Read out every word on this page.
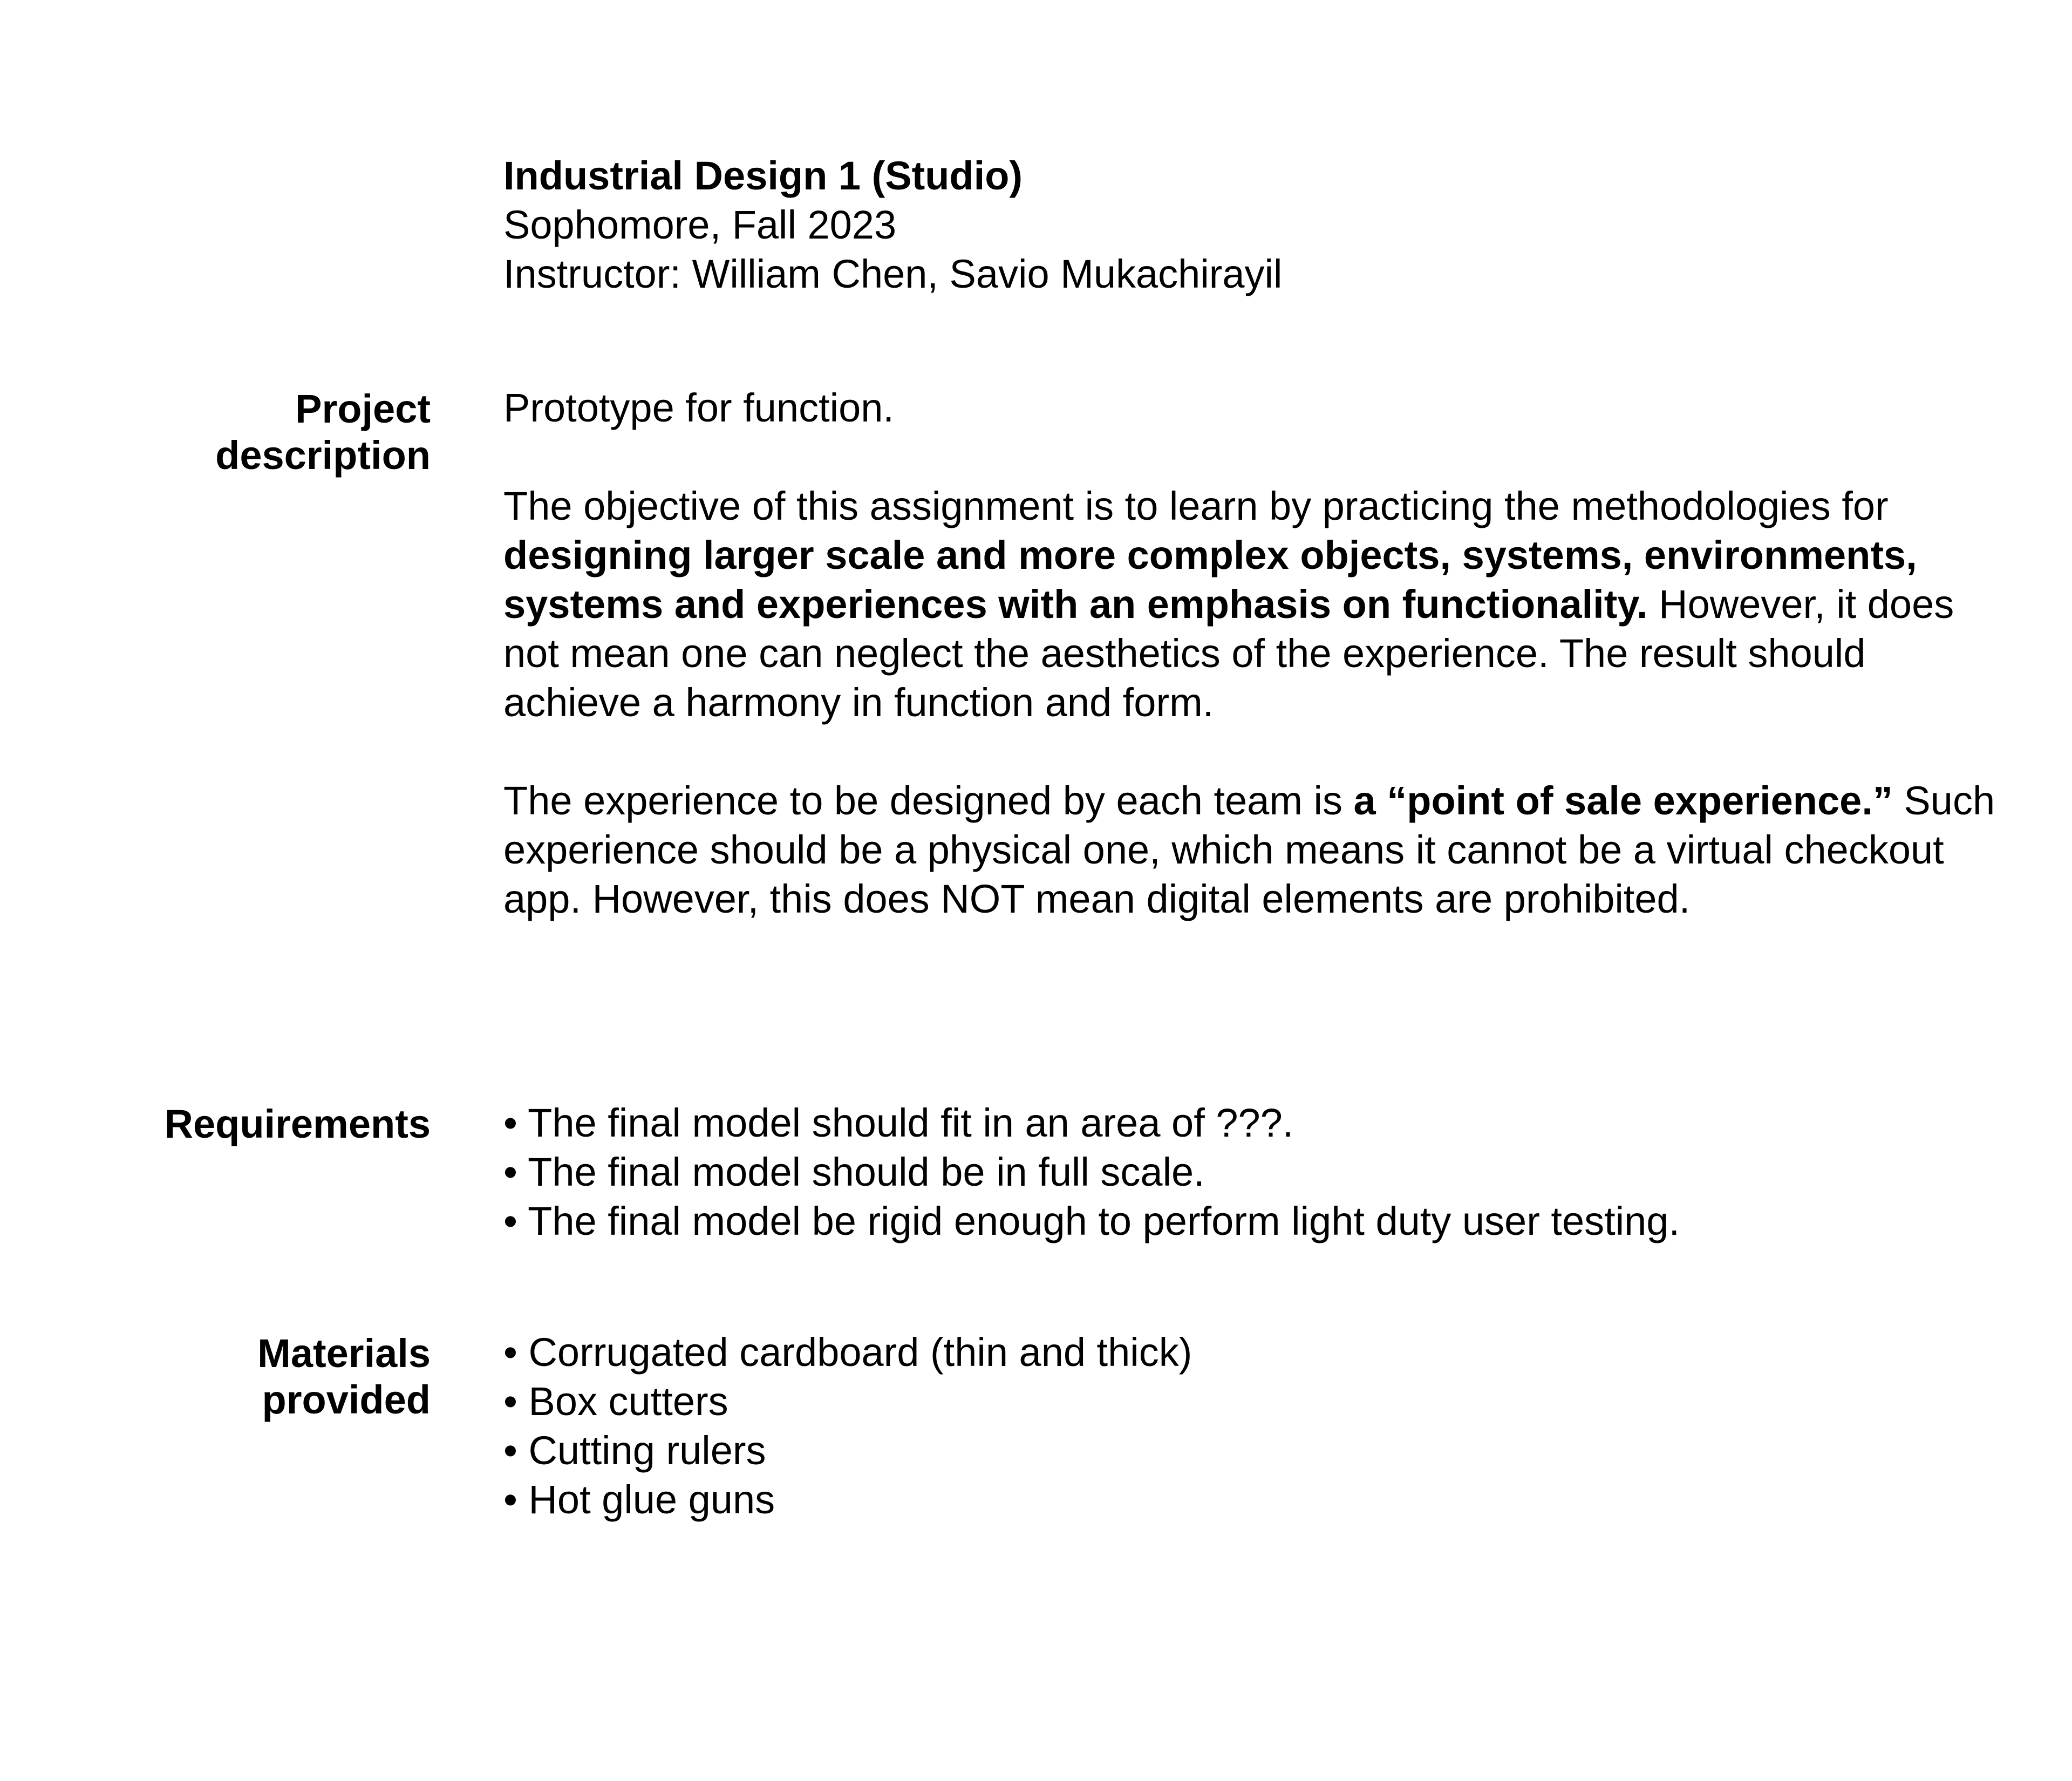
Industrial Design 1 (Studio)
Sophomore, Fall 2023
Instructor: William Chen, Savio Mukachirayil
Project
description

Prototype for function.

The objective of this assignment is to learn by practicing the methodologies for designing larger scale and more complex objects, systems, environments, systems and experiences with an emphasis on functionality. However, it does not mean one can neglect the aesthetics of the experience. The result should achieve a harmony in function and form.

The experience to be designed by each team is a “point of sale experience.” Such experience should be a physical one, which means it cannot be a virtual checkout app. However, this does NOT mean digital elements are prohibited.

Requirements • The final model should fit in an area of ???.
• The final model should be in full scale.
• The final model be rigid enough to perform light duty user testing.
Materials
provided
• Corrugated cardboard (thin and thick)
• Box cutters
• Cutting rulers
• Hot glue guns
